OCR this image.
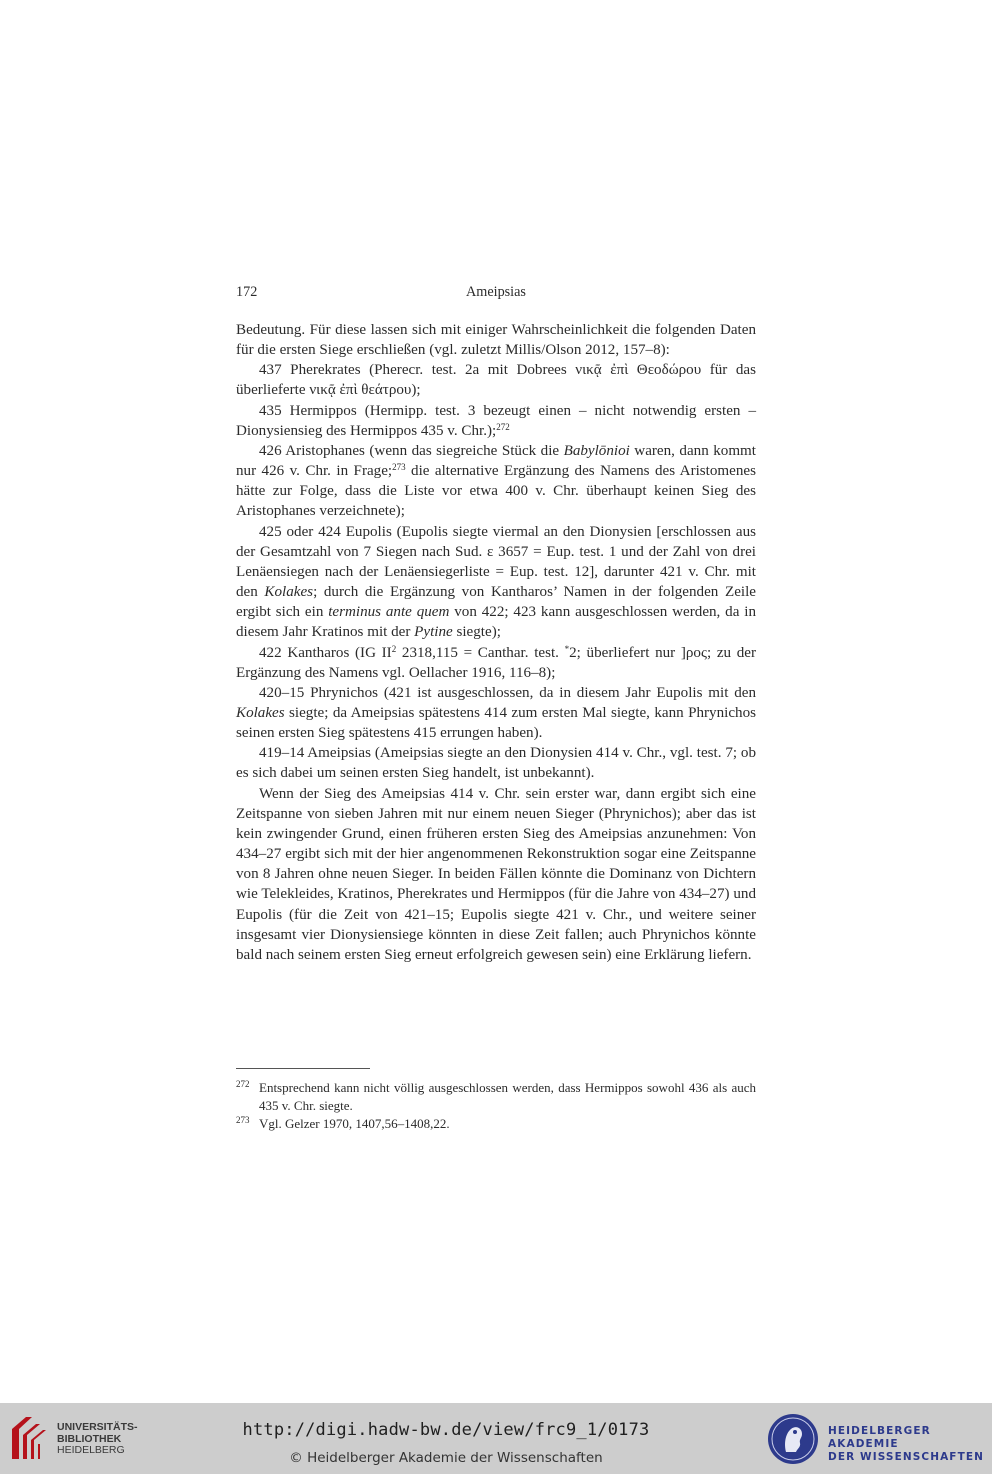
172	Ameipsias

Bedeutung. Für diese lassen sich mit einiger Wahrscheinlichkeit die folgenden Daten für die ersten Siege erschließen (vgl. zuletzt Millis/Olson 2012, 157–8):

437 Pherekrates (Pherecr. test. 2a mit Dobrees νικᾷ ἐπὶ Θεοδώρου für das überlieferte νικᾷ ἐπὶ θεάτρου);

435 Hermippos (Hermipp. test. 3 bezeugt einen – nicht notwendig ersten – Dionysiensieg des Hermippos 435 v. Chr.);$^{272}$

426 Aristophanes (wenn das siegreiche Stück die Babylōnioi waren, dann kommt nur 426 v. Chr. in Frage;$^{273}$ die alternative Ergänzung des Namens des Aristomenes hätte zur Folge, dass die Liste vor etwa 400 v. Chr. überhaupt keinen Sieg des Aristophanes verzeichnete);

425 oder 424 Eupolis (Eupolis siegte viermal an den Dionysien [erschlossen aus der Gesamtzahl von 7 Siegen nach Sud. ε 3657 = Eup. test. 1 und der Zahl von drei Lenäensiegen nach der Lenäensiegerliste = Eup. test. 12], darunter 421 v. Chr. mit den Kolakes; durch die Ergänzung von Kantharos’ Namen in der folgenden Zeile ergibt sich ein terminus ante quem von 422; 423 kann ausgeschlossen werden, da in diesem Jahr Kratinos mit der Pytine siegte);

422 Kantharos (IG $II^2$ 2318,115 = Canthar. test. *2; überliefert nur ]ρος; zu der Ergänzung des Namens vgl. Oellacher 1916, 116–8);

420–15 Phrynichos (421 ist ausgeschlossen, da in diesem Jahr Eupolis mit den Kolakes siegte; da Ameipsias spätestens 414 zum ersten Mal siegte, kann Phrynichos seinen ersten Sieg spätestens 415 errungen haben).

419–14 Ameipsias (Ameipsias siegte an den Dionysien 414 v. Chr., vgl. test. 7; ob es sich dabei um seinen ersten Sieg handelt, ist unbekannt).

Wenn der Sieg des Ameipsias 414 v. Chr. sein erster war, dann ergibt sich eine Zeitspanne von sieben Jahren mit nur einem neuen Sieger (Phrynichos); aber das ist kein zwingender Grund, einen früheren ersten Sieg des Ameipsias anzunehmen: Von 434–27 ergibt sich mit der hier angenommenen Rekonstruktion sogar eine Zeitspanne von 8 Jahren ohne neuen Sieger. In beiden Fällen könnte die Dominanz von Dichtern wie Telekleides, Kratinos, Pherekrates und Hermippos (für die Jahre von 434–27) und Eupolis (für die Zeit von 421–15; Eupolis siegte 421 v. Chr., und weitere seiner insgesamt vier Dionysiensiege könnten in diese Zeit fallen; auch Phrynichos könnte bald nach seinem ersten Sieg erneut erfolgreich gewesen sein) eine Erklärung liefern.

272 Entsprechend kann nicht völlig ausgeschlossen werden, dass Hermippos sowohl 436 als auch 435 v. Chr. siegte.
273 Vgl. Gelzer 1970, 1407,56–1408,22.
UNIVERSITÄTS-
BIBLIOTHEK
HEIDELBERG
http://digi.hadw-bw.de/view/frc9_1/0173
© Heidelberger Akademie der Wissenschaften
HEIDELBERGER AKADEMIE
DER WISSENSCHAFTEN
